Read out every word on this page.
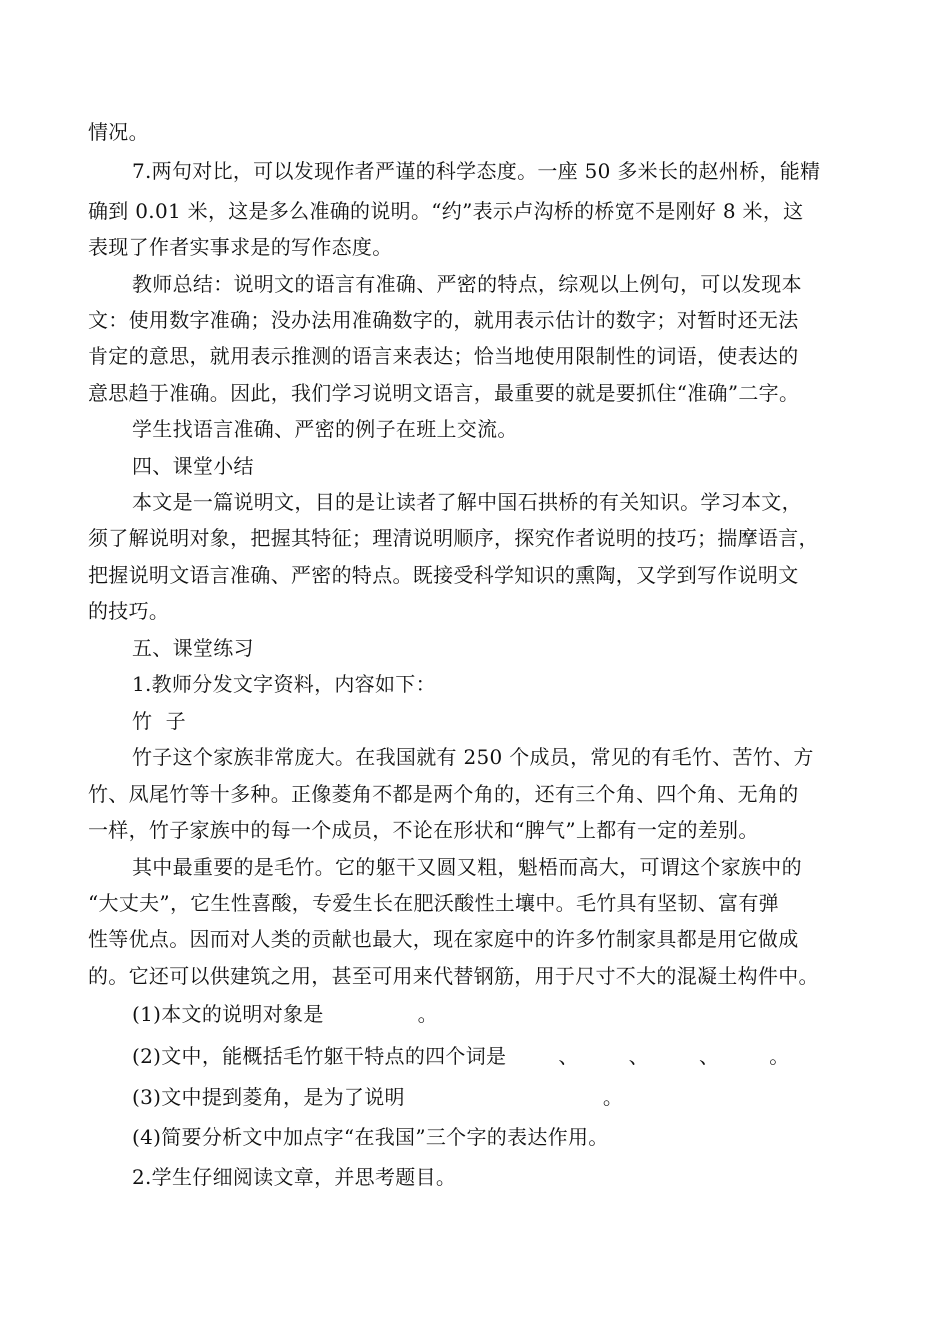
情况。
7.两句对比，可以发现作者严谨的科学态度。一座 50 多米长的赵州桥，能精
确到 0.01 米，这是多么准确的说明。“约”表示卢沟桥的桥宽不是刚好 8 米，这
表现了作者实事求是的写作态度。
教师总结：说明文的语言有准确、严密的特点，综观以上例句，可以发现本
文：使用数字准确；没办法用准确数字的，就用表示估计的数字；对暂时还无法
肯定的意思，就用表示推测的语言来表达；恰当地使用限制性的词语，使表达的
意思趋于准确。因此，我们学习说明文语言，最重要的就是要抓住“准确”二字。
学生找语言准确、严密的例子在班上交流。
四、课堂小结
本文是一篇说明文，目的是让读者了解中国石拱桥的有关知识。学习本文，
须了解说明对象，把握其特征；理清说明顺序，探究作者说明的技巧；揣摩语言，
把握说明文语言准确、严密的特点。既接受科学知识的熏陶，又学到写作说明文
的技巧。
五、课堂练习
1.教师分发文字资料，内容如下：
竹  子
竹子这个家族非常庞大。在我国就有 250 个成员，常见的有毛竹、苦竹、方
竹、凤尾竹等十多种。正像菱角不都是两个角的，还有三个角、四个角、无角的
一样，竹子家族中的每一个成员，不论在形状和“脾气”上都有一定的差别。
其中最重要的是毛竹。它的躯干又圆又粗，魁梧而高大，可谓这个家族中的
“大丈夫”，它生性喜酸，专爱生长在肥沃酸性土壤中。毛竹具有坚韧、富有弹
性等优点。因而对人类的贡献也最大，现在家庭中的许多竹制家具都是用它做成
的。它还可以供建筑之用，甚至可用来代替钢筋，用于尺寸不大的混凝土构件中。
(1)本文的说明对象是	。
(2)文中，能概括毛竹躯干特点的四个词是	、	、	、	。
(3)文中提到菱角，是为了说明	。
(4)简要分析文中加点字“在我国”三个字的表达作用。
2.学生仔细阅读文章，并思考题目。
